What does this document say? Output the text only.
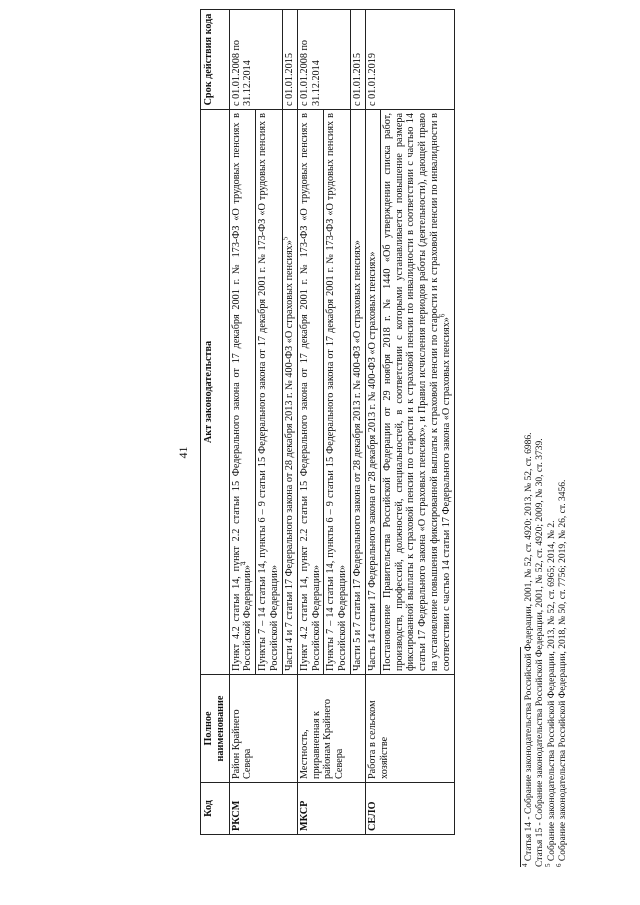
41
Код	Полное наименование	Акт законодательства	Срок действия кода
РКСМ	Район Крайнего Севера	Пункт 4.2 статьи 14, пункт 2.2 статьи 15 Федерального закона от 17 декабря 2001 г. № 173-ФЗ «О трудовых пенсиях в Российской Федерации»$^4$	с 01.01.2008 по 31.12.2014
		Пункты 7 – 14 статьи 14, пункты 6 – 9 статьи 15 Федерального закона от 17 декабря 2001 г. № 173-ФЗ «О трудовых пенсиях в Российской Федерации»	
		Части 4 и 7 статьи 17 Федерального закона от 28 декабря 2013 г. № 400-ФЗ «О страховых пенсиях»$^5$	с 01.01.2015
МКСР	Местность, приравненная к районам Крайнего Севера	Пункт 4.2 статьи 14, пункт 2.2 статьи 15 Федерального закона от 17 декабря 2001 г. № 173-ФЗ «О трудовых пенсиях в Российской Федерации»	с 01.01.2008 по 31.12.2014
		Пункты 7 – 14 статьи 14, пункты 6 – 9 статьи 15 Федерального закона от 17 декабря 2001 г. № 173-ФЗ «О трудовых пенсиях в Российской Федерации»	
		Части 5 и 7 статьи 17 Федерального закона от 28 декабря 2013 г. № 400-ФЗ «О страховых пенсиях»	с 01.01.2015
СЕЛО	Работа в сельском хозяйстве	Часть 14 статьи 17 Федерального закона от 28 декабря 2013 г. № 400-ФЗ «О страховых пенсиях»	с 01.01.2019
		Постановление Правительства Российской Федерации от 29 ноября 2018 г. № 1440 «Об утверждении списка работ, производств, профессий, должностей, специальностей, в соответствии с которыми устанавливается повышение размера фиксированной выплаты к страховой пенсии по старости и к страховой пенсии по инвалидности в соответствии с частью 14 статьи 17 Федерального закона «О страховых пенсиях», и Правил исчисления периодов работы (деятельности), дающей право на установление повышения фиксированной выплаты к страховой пенсии по старости и к страховой пенсии по инвалидности в соответствии с частью 14 статьи 17 Федерального закона «О страховых пенсиях»$^6$
$^4$ Статья 14 - Собрание законодательства Российской Федерации, 2001, № 52, ст. 4920; 2013, № 52, ст. 6986. Статья 15 - Собрание законодательства Российской Федерации, 2001, № 52, ст. 4920; 2009, № 30, ст. 3739.
$^5$ Собрание законодательства Российской Федерации, 2013, № 52, ст. 6965; 2014, № 2.
$^6$ Собрание законодательства Российской Федерации, 2018, № 50, ст. 7756; 2019, № 26, ст. 3456.
